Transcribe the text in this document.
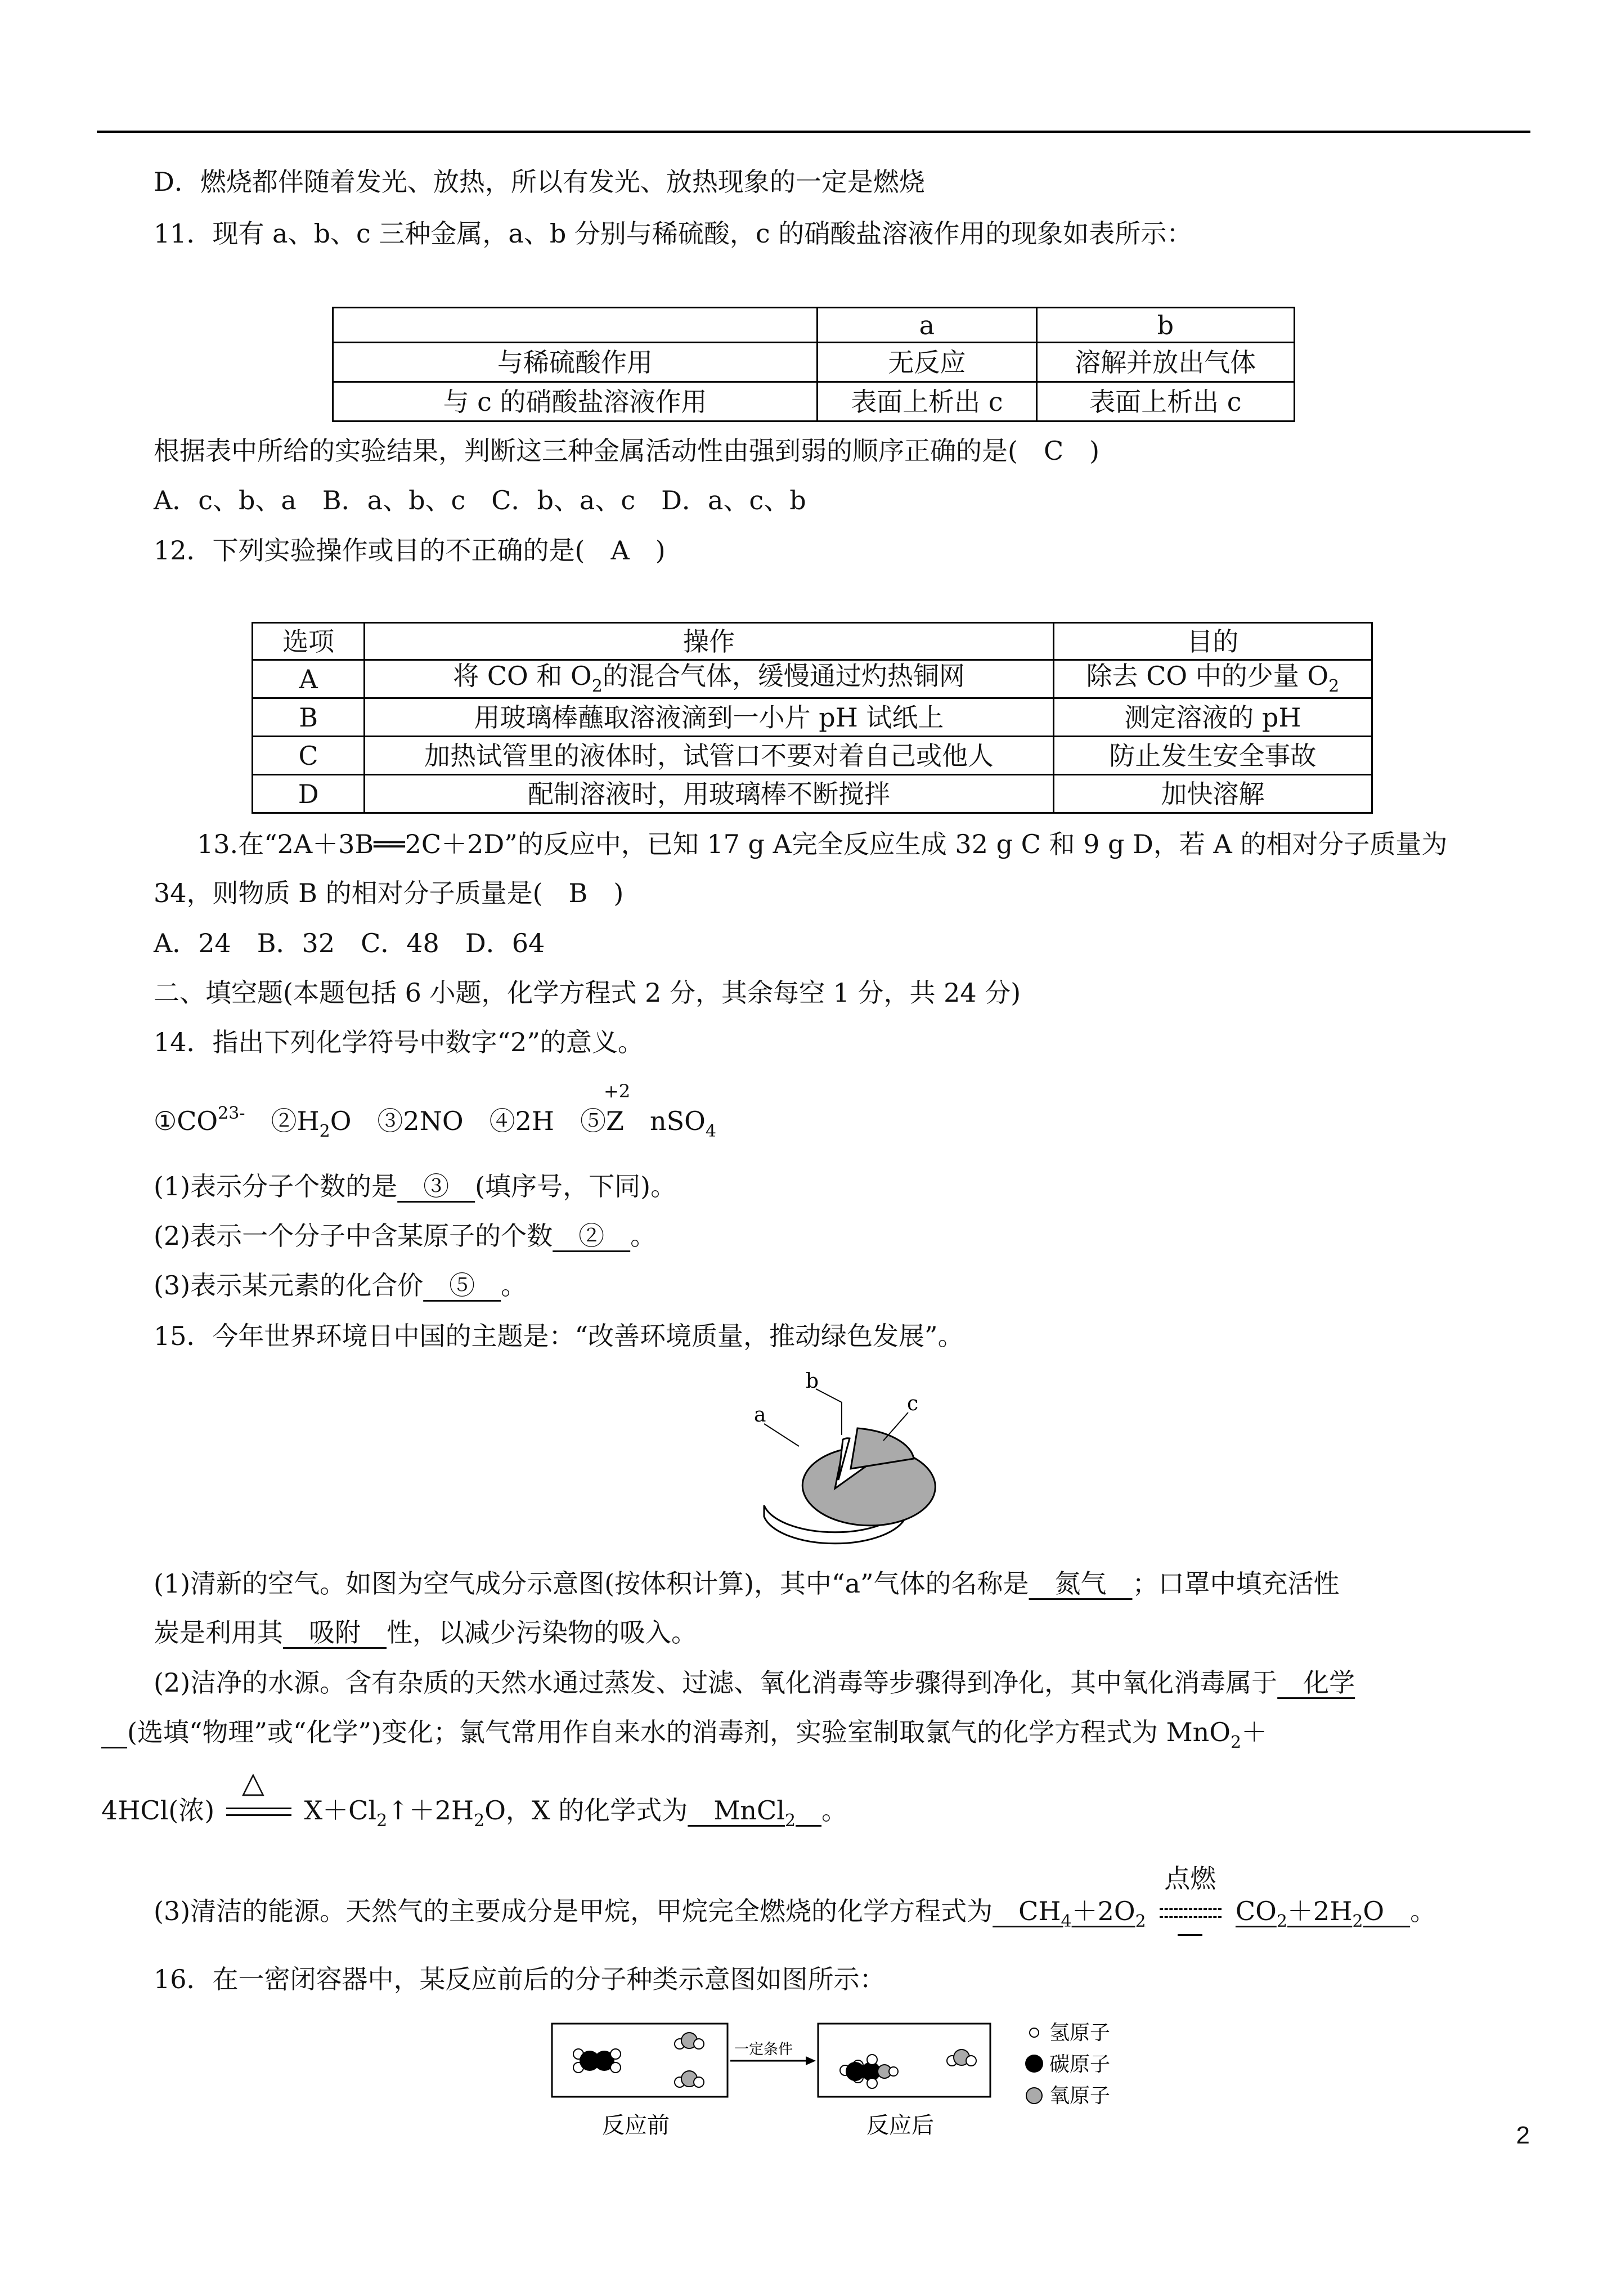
D．燃烧都伴随着发光、放热，所以有发光、放热现象的一定是燃烧
11．现有 a、b、c 三种金属，a、b 分别与稀硫酸，c 的硝酸盐溶液作用的现象如表所示：
	a	b
与稀硫酸作用	无反应	溶解并放出气体
与 c 的硝酸盐溶液作用	表面上析出 c	表面上析出 c
根据表中所给的实验结果，判断这三种金属活动性由强到弱的顺序正确的是(　C　)
A．c、b、a　B．a、b、c　C．b、a、c　D．a、c、b
12．下列实验操作或目的不正确的是(　A　)
选项	操作	目的
A	将 CO 和 $O_2$的混合气体，缓慢通过灼热铜网	除去 CO 中的少量 $O_2$
B	用玻璃棒蘸取溶液滴到一小片 pH 试纸上	测定溶液的 pH
C	加热试管里的液体时，试管口不要对着自己或他人	防止发生安全事故
D	配制溶液时，用玻璃棒不断搅拌	加快溶解
13.在“2A＋3B══2C＋2D”的反应中，已知 17 g A完全反应生成 32 g C 和 9 g D，若 A 的相对分子质量为
34，则物质 B 的相对分子质量是(　B　)
A．24　B．32　C．48　D．64
二、填空题(本题包括 6 小题，化学方程式 2 分，其余每空 1 分，共 24 分)
14．指出下列化学符号中数字“2”的意义。
$①CO^{23-}$　$②H_2O$　③2NO　④2H　⑤
+2
Z　nSO$_4$
(1)表示分子个数的是　③　(填序号，下同)。
(2)表示一个分子中含某原子的个数　②　。
(3)表示某元素的化合价　⑤　。
15．今年世界环境日中国的主题是：“改善环境质量，推动绿色发展”。
a
b
c
(1)清新的空气。如图为空气成分示意图(按体积计算)，其中“a”气体的名称是　氮气　；口罩中填充活性
炭是利用其　吸附　性，以减少污染物的吸入。
(2)洁净的水源。含有杂质的天然水通过蒸发、过滤、氧化消毒等步骤得到净化，其中氧化消毒属于　化学
　(选填“物理”或“化学”)变化；氯气常用作自来水的消毒剂，实验室制取氯气的化学方程式为 MnO$_2$＋
4HCl(浓)
△
$X+Cl_2↑+2H_2O$，X 的化学式为　MnCl$_2$　 。
(3)清洁的能源。天然气的主要成分是甲烷，甲烷完全燃烧的化学方程式为　$CH_4+2O_2$
点燃
$CO_2+2H_2O$　。
16．在一密闭容器中，某反应前后的分子种类示意图如图所示：
一定条件
反应前	反应后
氢原子
碳原子
氧原子
2
